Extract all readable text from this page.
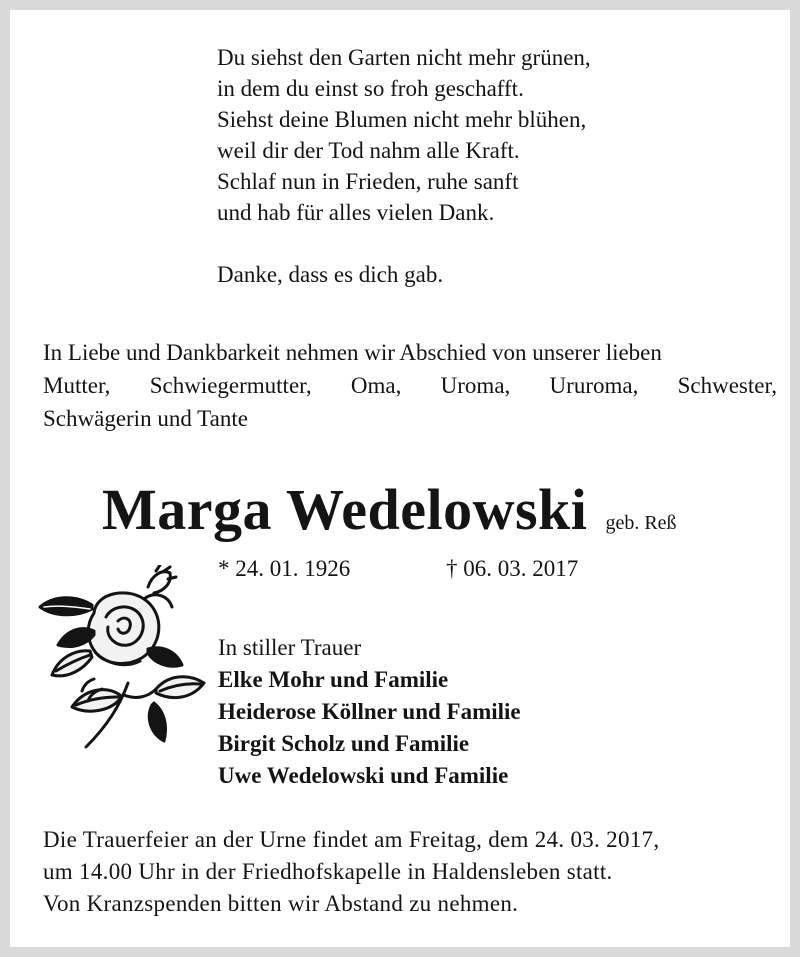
Du siehst den Garten nicht mehr grünen,
in dem du einst so froh geschafft.
Siehst deine Blumen nicht mehr blühen,
weil dir der Tod nahm alle Kraft.
Schlaf nun in Frieden, ruhe sanft
und hab für alles vielen Dank.
Danke, dass es dich gab.
In Liebe und Dankbarkeit nehmen wir Abschied von unserer lieben
Mutter, Schwiegermutter, Oma, Uroma, Ururoma, Schwester,
Schwägerin und Tante
Marga Wedelowski geb. Reß
* 24. 01. 1926	† 06. 03. 2017
In stiller Trauer
Elke Mohr und Familie
Heiderose Köllner und Familie
Birgit Scholz und Familie
Uwe Wedelowski und Familie
Die Trauerfeier an der Urne findet am Freitag, dem 24. 03. 2017,
um 14.00 Uhr in der Friedhofskapelle in Haldensleben statt.
Von Kranzspenden bitten wir Abstand zu nehmen.
